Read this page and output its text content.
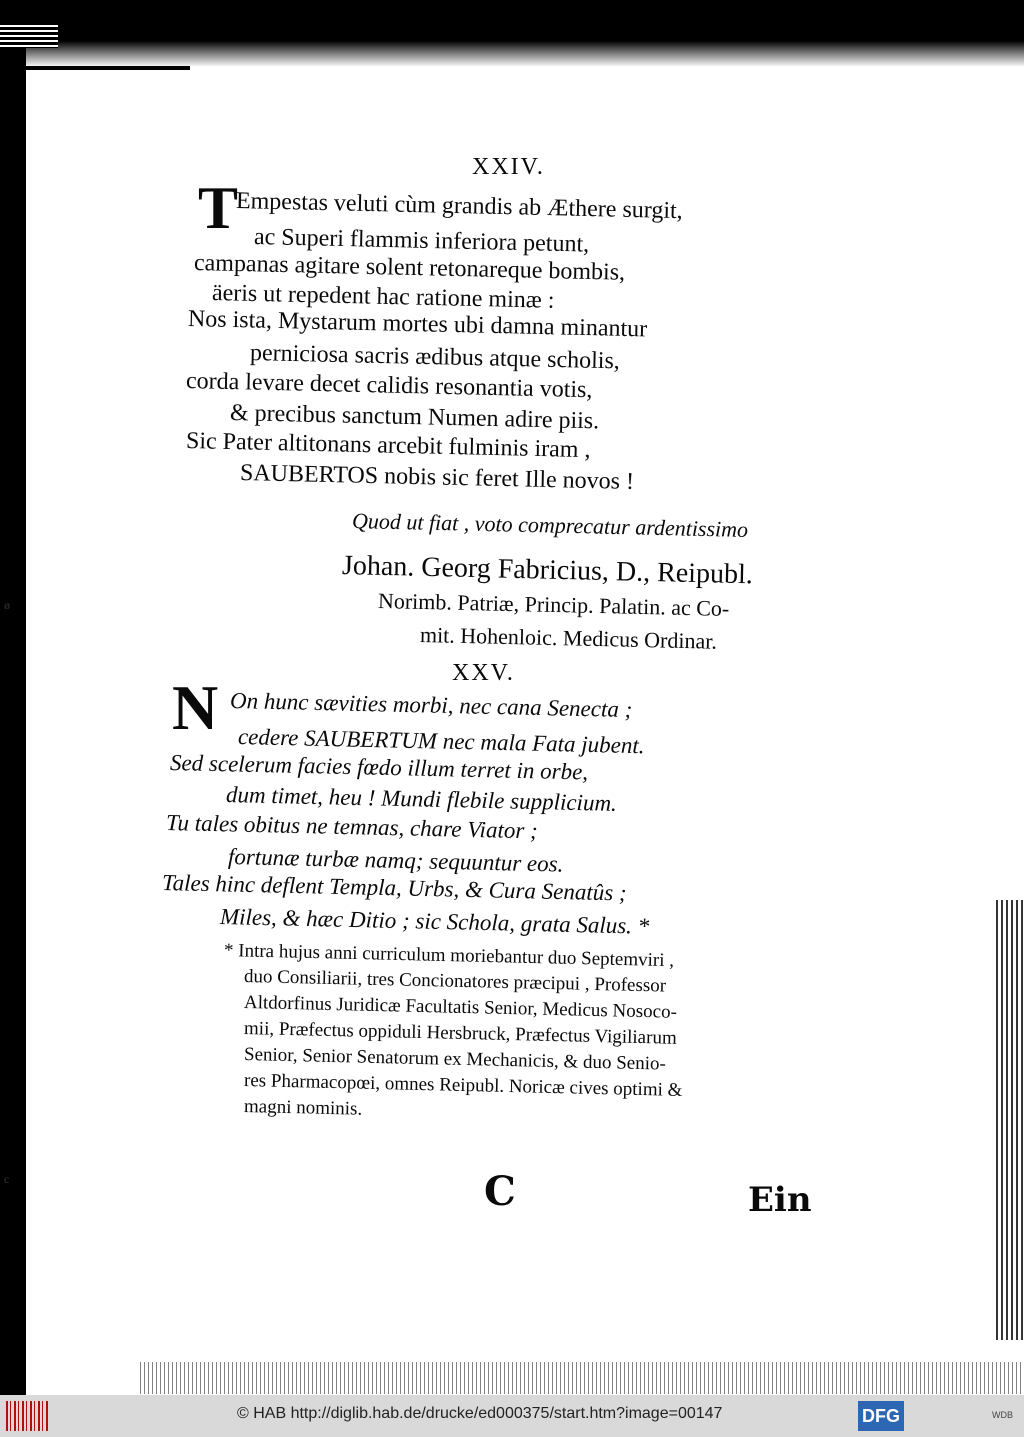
ø
c
XXIV.
T
Empestas veluti cùm grandis ab Æthere surgit,
ac Superi flammis inferiora petunt,
campanas agitare solent retonareque bombis,
äeris ut repedent hac ratione minæ :
Nos ista, Mystarum mortes ubi damna minantur
perniciosa sacris ædibus atque scholis,
corda levare decet calidis resonantia votis,
& precibus sanctum Numen adire piis.
Sic Pater altitonans arcebit fulminis iram ,
SAUBERTOS nobis sic feret Ille novos !
Quod ut fiat , voto comprecatur ardentissimo
Johan. Georg Fabricius, D., Reipubl.
Norimb. Patriæ, Princip. Palatin. ac Co-
mit. Hohenloic. Medicus Ordinar.
XXV.
N On hunc sævities morbi, nec cana Senecta ;
cedere SAUBERTUM nec mala Fata jubent.
Sed scelerum facies fœdo illum terret in orbe,
dum timet, heu ! Mundi flebile supplicium.
Tu tales obitus ne temnas, chare Viator ;
fortunæ turbæ namq; sequuntur eos.
Tales hinc deflent Templa, Urbs, & Cura Senatûs ;
Miles, & hæc Ditio ; sic Schola, grata Salus. *
* Intra hujus anni curriculum moriebantur duo Septemviri ,
duo Consiliarii, tres Concionatores præcipui , Professor
Altdorfinus Juridicæ Facultatis Senior, Medicus Nosoco-
mii, Præfectus oppiduli Hersbruck, Præfectus Vigiliarum
Senior, Senior Senatorum ex Mechanicis, & duo Senio-
res Pharmacopœi, omnes Reipubl. Noricæ cives optimi &
magni nominis.
C	Ein
© HAB http://diglib.hab.de/drucke/ed000375/start.htm?image=00147	DFG	WDB
